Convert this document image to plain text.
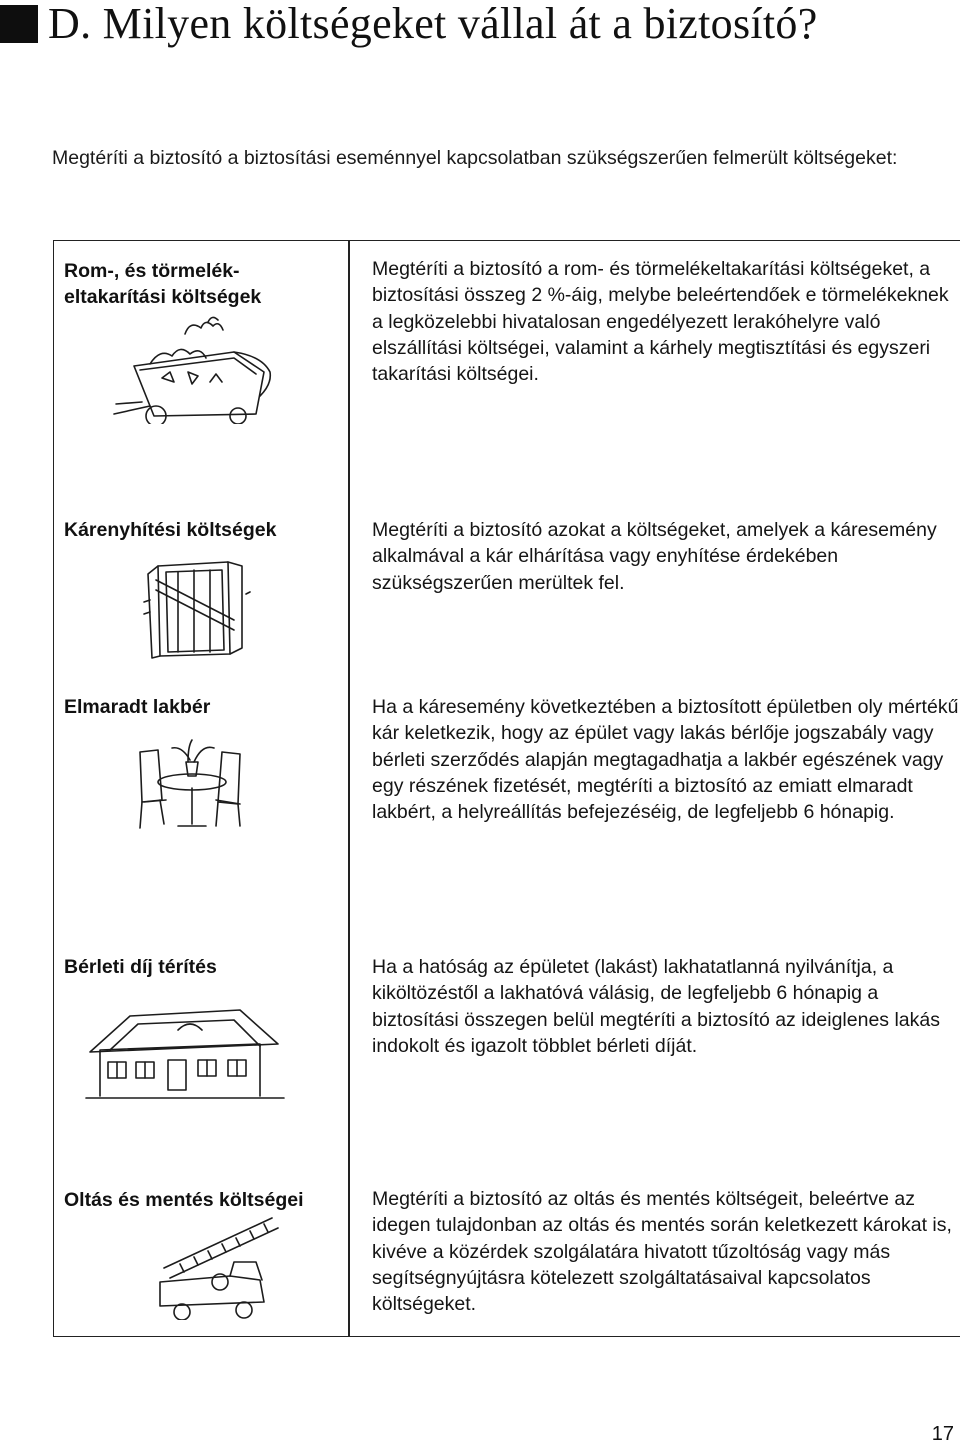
D. Milyen költségeket vállal át a biztosító?
Megtéríti a biztosító a biztosítási eseménnyel kapcsolatban szükségszerűen felmerült költségeket:
Rom-, és törmelék-
eltakarítási költségek
Megtéríti a biztosító a rom- és törmelékeltakarítási költségeket, a biztosítási összeg 2 %-áig, melybe beleértendőek e törmelékeknek a legközelebbi hivatalosan engedélyezett lerakóhelyre való elszállítási költségei, valamint a kárhely megtisztítási és egyszeri takarítási költségei.
Kárenyhítési költségek	Megtéríti a biztosító azokat a költségeket, amelyek a káresemény alkalmával a kár elhárítása vagy enyhítése érdekében szükségszerűen merültek fel.
Elmaradt lakbér	Ha a káresemény következtében a biztosított épületben oly mértékű kár keletkezik, hogy az épület vagy lakás bérlője jogszabály vagy bérleti szerződés alapján megtagadhatja a lakbér egészének vagy egy részének fizetését, megtéríti a biztosító az emiatt elmaradt lakbért, a helyreállítás befejezéséig, de legfeljebb 6 hónapig.
Bérleti díj térítés	Ha a hatóság az épületet (lakást) lakhatatlanná nyilvánítja, a kiköltözéstől a lakhatóvá válásig, de legfeljebb 6 hónapig a biztosítási összegen belül megtéríti a biztosító az ideiglenes lakás indokolt és igazolt többlet bérleti díját.
Oltás és mentés költségei	Megtéríti a biztosító az oltás és mentés költségeit, beleértve az idegen tulajdonban az oltás és mentés során keletkezett károkat is, kivéve a közérdek szolgálatára hivatott tűzoltóság vagy más segítségnyújtásra kötelezett szolgáltatásaival kapcsolatos költségeket.
17
